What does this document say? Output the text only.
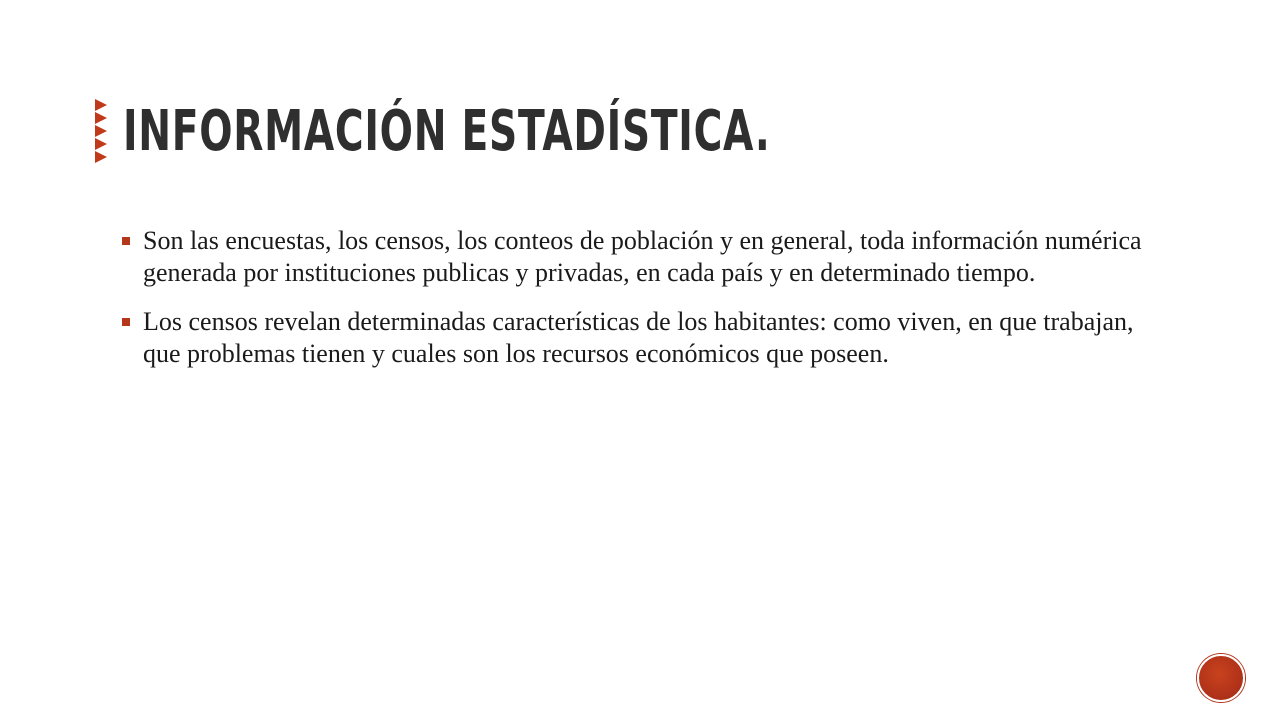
INFORMACIÓN ESTADÍSTICA.
Son las encuestas, los censos, los conteos de población y en general, toda información numérica generada por instituciones publicas y privadas, en cada país y en determinado tiempo.
Los censos revelan determinadas características de los habitantes: como viven, en que trabajan, que problemas tienen y cuales son los recursos económicos que poseen.
